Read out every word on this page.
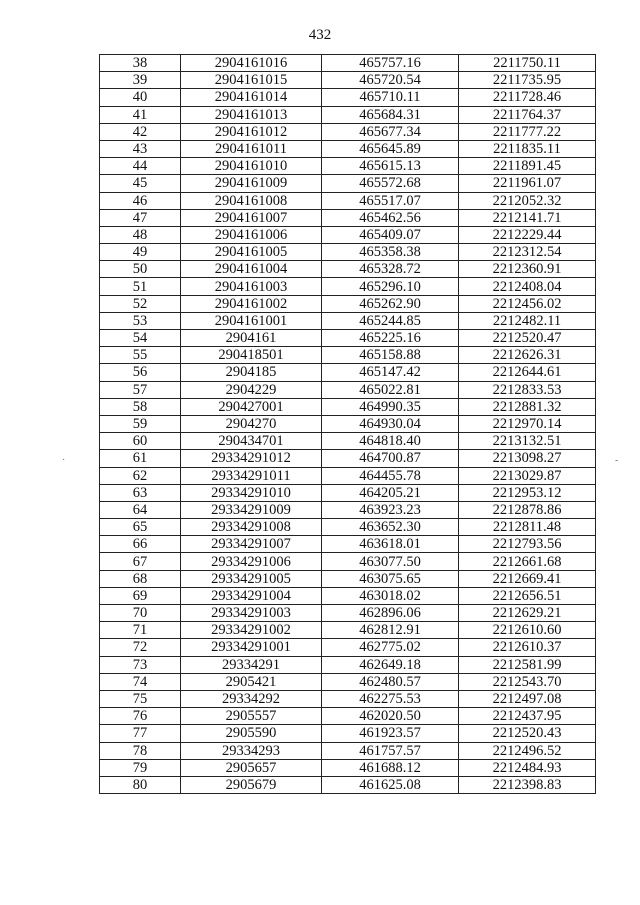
432
38	2904161016	465757.16	2211750.11
39	2904161015	465720.54	2211735.95
40	2904161014	465710.11	2211728.46
41	2904161013	465684.31	2211764.37
42	2904161012	465677.34	2211777.22
43	2904161011	465645.89	2211835.11
44	2904161010	465615.13	2211891.45
45	2904161009	465572.68	2211961.07
46	2904161008	465517.07	2212052.32
47	2904161007	465462.56	2212141.71
48	2904161006	465409.07	2212229.44
49	2904161005	465358.38	2212312.54
50	2904161004	465328.72	2212360.91
51	2904161003	465296.10	2212408.04
52	2904161002	465262.90	2212456.02
53	2904161001	465244.85	2212482.11
54	2904161	465225.16	2212520.47
55	290418501	465158.88	2212626.31
56	2904185	465147.42	2212644.61
57	2904229	465022.81	2212833.53
58	290427001	464990.35	2212881.32
59	2904270	464930.04	2212970.14
60	290434701	464818.40	2213132.51
61	29334291012	464700.87	2213098.27
62	29334291011	464455.78	2213029.87
63	29334291010	464205.21	2212953.12
64	29334291009	463923.23	2212878.86
65	29334291008	463652.30	2212811.48
66	29334291007	463618.01	2212793.56
67	29334291006	463077.50	2212661.68
68	29334291005	463075.65	2212669.41
69	29334291004	463018.02	2212656.51
70	29334291003	462896.06	2212629.21
71	29334291002	462812.91	2212610.60
72	29334291001	462775.02	2212610.37
73	29334291	462649.18	2212581.99
74	2905421	462480.57	2212543.70
75	29334292	462275.53	2212497.08
76	2905557	462020.50	2212437.95
77	2905590	461923.57	2212520.43
78	29334293	461757.57	2212496.52
79	2905657	461688.12	2212484.93
80	2905679	461625.08	2212398.83
·	-
